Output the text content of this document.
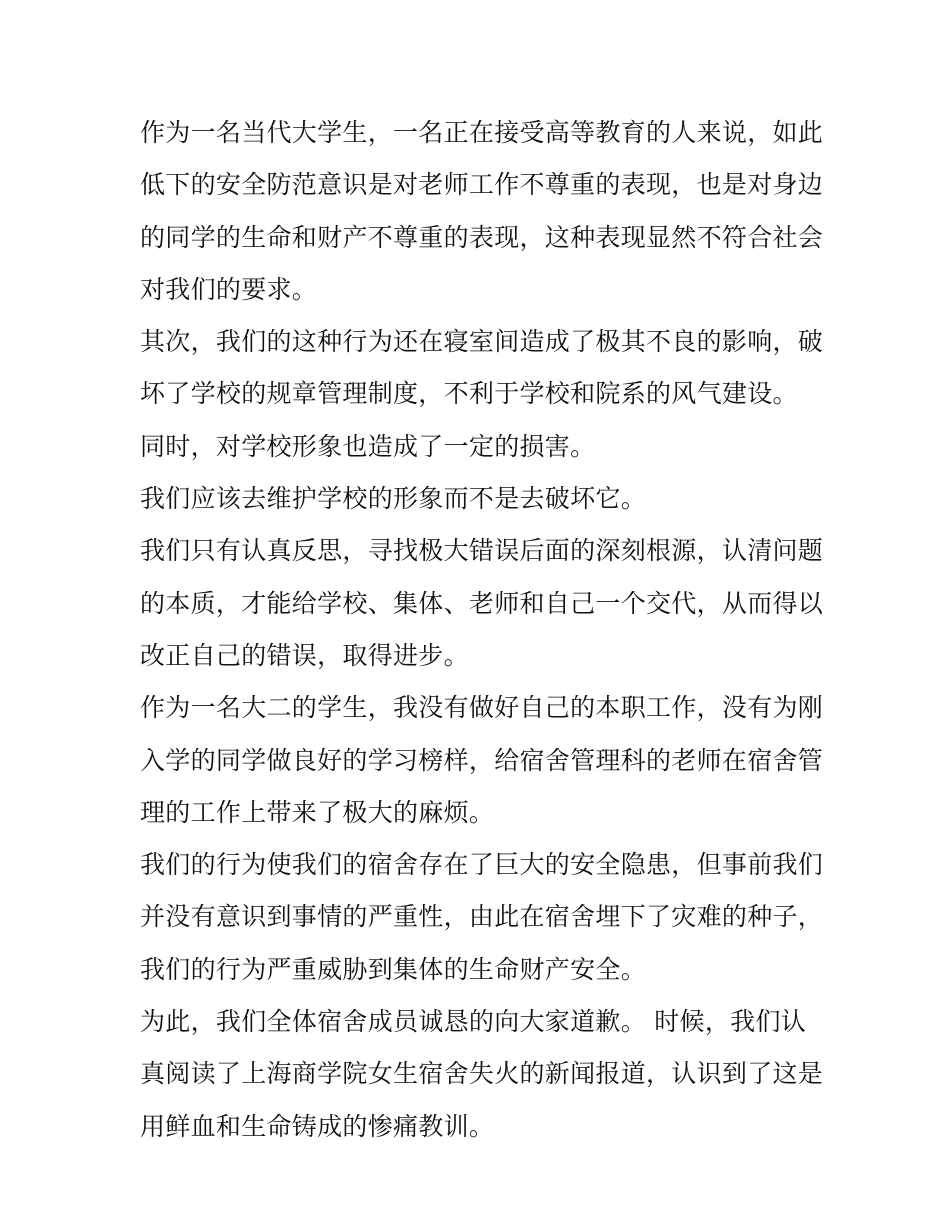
作为一名当代大学生，一名正在接受高等教育的人来说，如此
低下的安全防范意识是对老师工作不尊重的表现，也是对身边
的同学的生命和财产不尊重的表现，这种表现显然不符合社会
对我们的要求。

其次，我们的这种行为还在寝室间造成了极其不良的影响，破
坏了学校的规章管理制度，不利于学校和院系的风气建设。

同时，对学校形象也造成了一定的损害。

我们应该去维护学校的形象而不是去破坏它。

我们只有认真反思，寻找极大错误后面的深刻根源，认清问题
的本质，才能给学校、集体、老师和自己一个交代，从而得以
改正自己的错误，取得进步。

作为一名大二的学生，我没有做好自己的本职工作，没有为刚
入学的同学做良好的学习榜样，给宿舍管理科的老师在宿舍管
理的工作上带来了极大的麻烦。

我们的行为使我们的宿舍存在了巨大的安全隐患，但事前我们
并没有意识到事情的严重性，由此在宿舍埋下了灾难的种子，
我们的行为严重威胁到集体的生命财产安全。

为此，我们全体宿舍成员诚恳的向大家道歉。 时候，我们认
真阅读了上海商学院女生宿舍失火的新闻报道，认识到了这是
用鲜血和生命铸成的惨痛教训。
